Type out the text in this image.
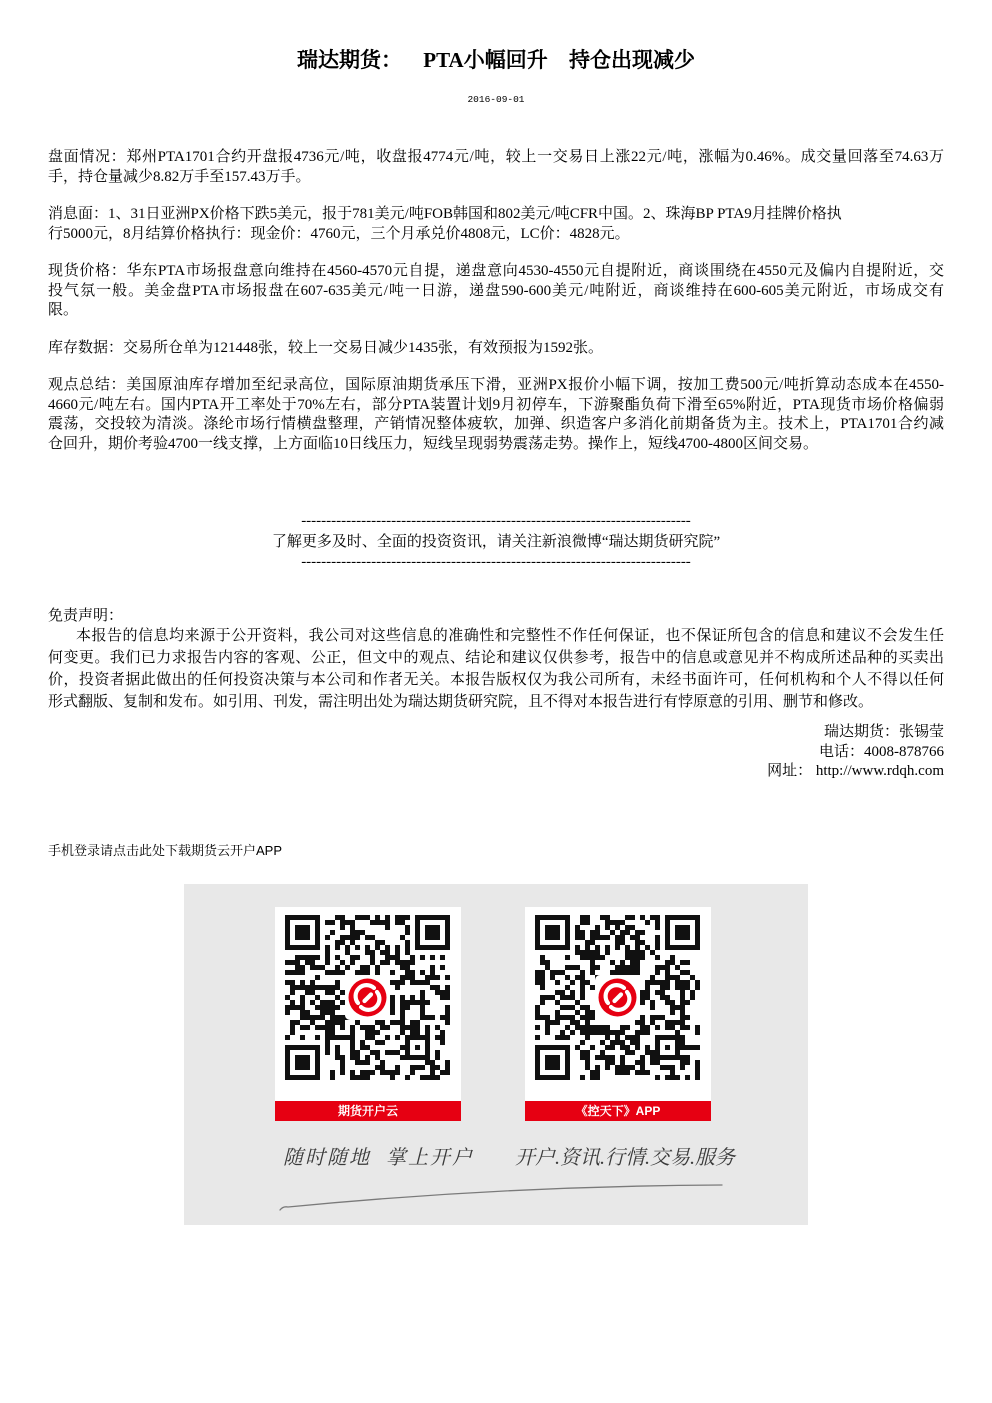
瑞达期货： PTA小幅回升 持仓出现减少
2016-09-01
盘面情况：郑州PTA1701合约开盘报4736元/吨，收盘报4774元/吨，较上一交易日上涨22元/吨，涨幅为0.46%。成交量回落至74.63万
手，持仓量减少8.82万手至157.43万手。
消息面：1、31日亚洲PX价格下跌5美元，报于781美元/吨FOB韩国和802美元/吨CFR中国。2、珠海BP PTA9月挂牌价格执
行5000元，8月结算价格执行：现金价：4760元，三个月承兑价4808元，LC价：4828元。
现货价格：华东PTA市场报盘意向维持在4560-4570元自提，递盘意向4530-4550元自提附近，商谈围绕在4550元及偏内自提附近，交
投气氛一般。美金盘PTA市场报盘在607-635美元/吨一日游，递盘590-600美元/吨附近，商谈维持在600-605美元附近，市场成交有
限。
库存数据：交易所仓单为121448张，较上一交易日减少1435张，有效预报为1592张。
观点总结：美国原油库存增加至纪录高位，国际原油期货承压下滑，亚洲PX报价小幅下调，按加工费500元/吨折算动态成本在4550-
4660元/吨左右。国内PTA开工率处于70%左右，部分PTA装置计划9月初停车，下游聚酯负荷下滑至65%附近，PTA现货市场价格偏弱
震荡，交投较为清淡。涤纶市场行情横盘整理，产销情况整体疲软，加弹、织造客户多消化前期备货为主。技术上，PTA1701合约减
仓回升，期价考验4700一线支撑，上方面临10日线压力，短线呈现弱势震荡走势。操作上，短线4700-4800区间交易。
------------------------------------------------------------------------------
了解更多及时、全面的投资资讯，请关注新浪微博“瑞达期货研究院”
------------------------------------------------------------------------------
免责声明：
本报告的信息均来源于公开资料，我公司对这些信息的准确性和完整性不作任何保证，也不保证所包含的信息和建议不会发生任
何变更。我们已力求报告内容的客观、公正，但文中的观点、结论和建议仅供参考，报告中的信息或意见并不构成所述品种的买卖出
价，投资者据此做出的任何投资决策与本公司和作者无关。本报告版权仅为我公司所有，未经书面许可，任何机构和个人不得以任何
形式翻版、复制和发布。如引用、刊发，需注明出处为瑞达期货研究院，且不得对本报告进行有悖原意的引用、删节和修改。
瑞达期货：张锡莹
电话：4008-878766
网址： http://www.rdqh.com
手机登录请点击此处下载期货云开户APP
期货开户云	《控天下》APP
随时随地 掌上开户 开户.资讯.行情.交易.服务
